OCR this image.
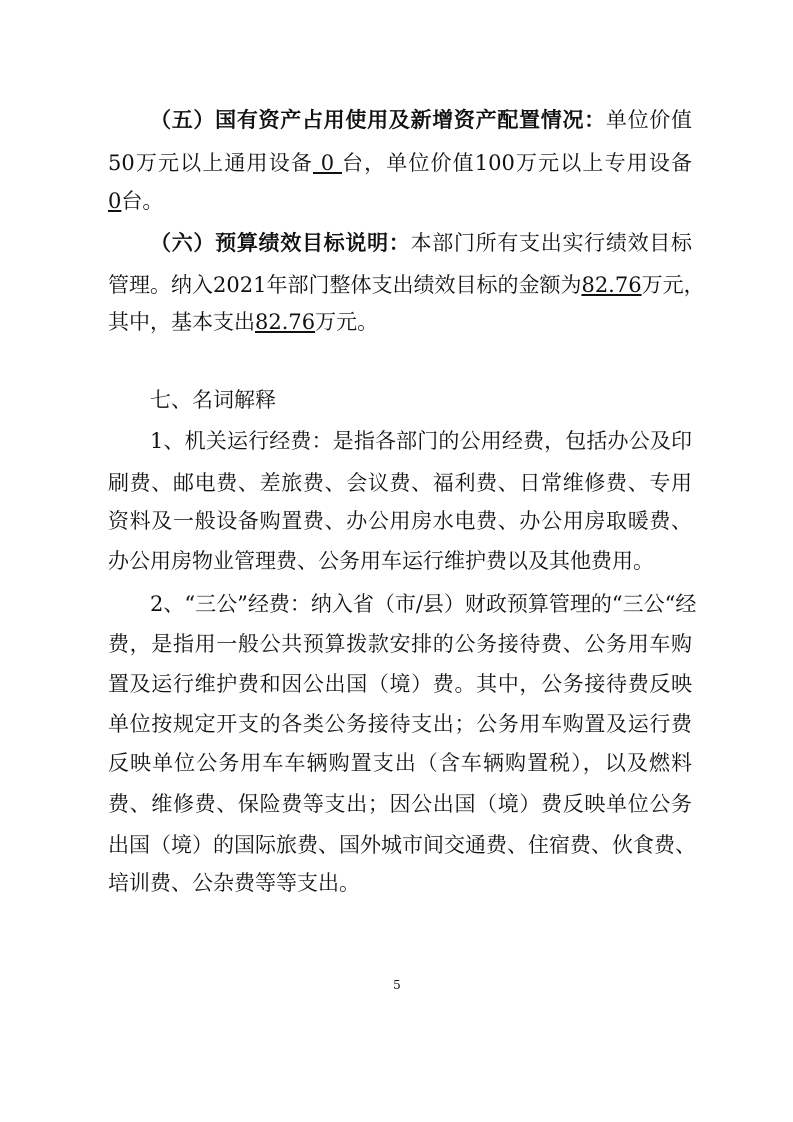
（五）国有资产占用使用及新增资产配置情况：单位价值
50万元以上通用设备 0 台，单位价值100万元以上专用设备
0台。
（六）预算绩效目标说明：本部门所有支出实行绩效目标
管理。纳入2021年部门整体支出绩效目标的金额为82.76万元，
其中，基本支出82.76万元。
七、名词解释
1、机关运行经费：是指各部门的公用经费，包括办公及印
刷费、邮电费、差旅费、会议费、福利费、日常维修费、专用
资料及一般设备购置费、办公用房水电费、办公用房取暖费、
办公用房物业管理费、公务用车运行维护费以及其他费用。
2、“三公”经费：纳入省（市/县）财政预算管理的“三公“经
费，是指用一般公共预算拨款安排的公务接待费、公务用车购
置及运行维护费和因公出国（境）费。其中，公务接待费反映
单位按规定开支的各类公务接待支出；公务用车购置及运行费
反映单位公务用车车辆购置支出（含车辆购置税），以及燃料
费、维修费、保险费等支出；因公出国（境）费反映单位公务
出国（境）的国际旅费、国外城市间交通费、住宿费、伙食费、
培训费、公杂费等等支出。
5
